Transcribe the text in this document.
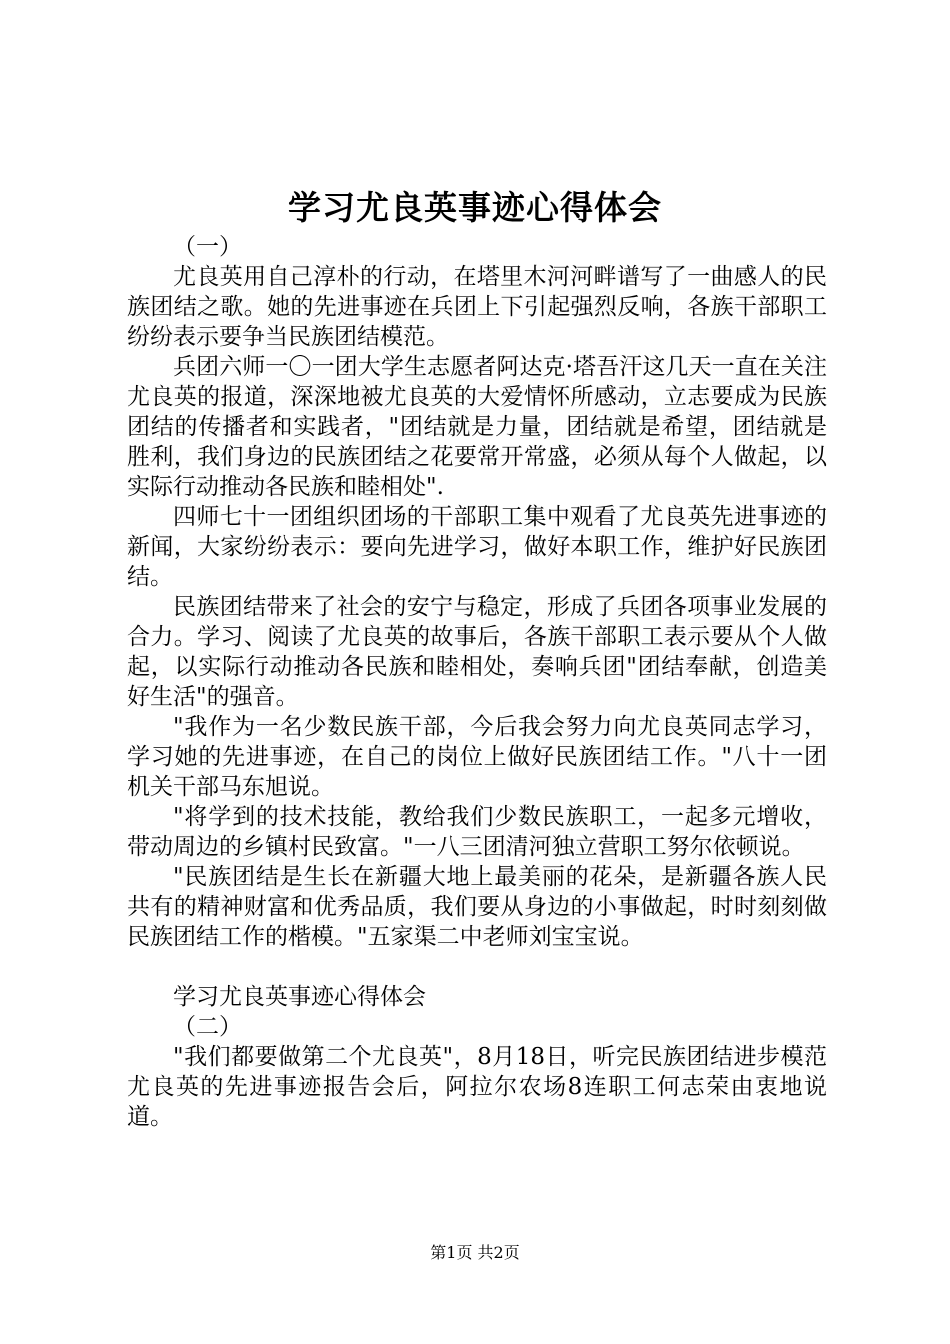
学习尤良英事迹心得体会

（一）

尤良英用自己淳朴的行动，在塔里木河河畔谱写了一曲感人的民族团结之歌。她的先进事迹在兵团上下引起强烈反响，各族干部职工纷纷表示要争当民族团结模范。

兵团六师一〇一团大学生志愿者阿达克·塔吾汗这几天一直在关注尤良英的报道，深深地被尤良英的大爱情怀所感动，立志要成为民族团结的传播者和实践者，"团结就是力量，团结就是希望，团结就是胜利，我们身边的民族团结之花要常开常盛，必须从每个人做起，以实际行动推动各民族和睦相处".

四师七十一团组织团场的干部职工集中观看了尤良英先进事迹的新闻，大家纷纷表示：要向先进学习，做好本职工作，维护好民族团结。

民族团结带来了社会的安宁与稳定，形成了兵团各项事业发展的合力。学习、阅读了尤良英的故事后，各族干部职工表示要从个人做起，以实际行动推动各民族和睦相处，奏响兵团"团结奉献，创造美好生活"的强音。

"我作为一名少数民族干部，今后我会努力向尤良英同志学习，学习她的先进事迹，在自己的岗位上做好民族团结工作。"八十一团机关干部马东旭说。

"将学到的技术技能，教给我们少数民族职工，一起多元增收，带动周边的乡镇村民致富。"一八三团清河独立营职工努尔依顿说。

"民族团结是生长在新疆大地上最美丽的花朵，是新疆各族人民共有的精神财富和优秀品质，我们要从身边的小事做起，时时刻刻做民族团结工作的楷模。"五家渠二中老师刘宝宝说。

学习尤良英事迹心得体会

（二）

"我们都要做第二个尤良英"，8月18日，听完民族团结进步模范尤良英的先进事迹报告会后，阿拉尔农场8连职工何志荣由衷地说道。

第1页 共2页
